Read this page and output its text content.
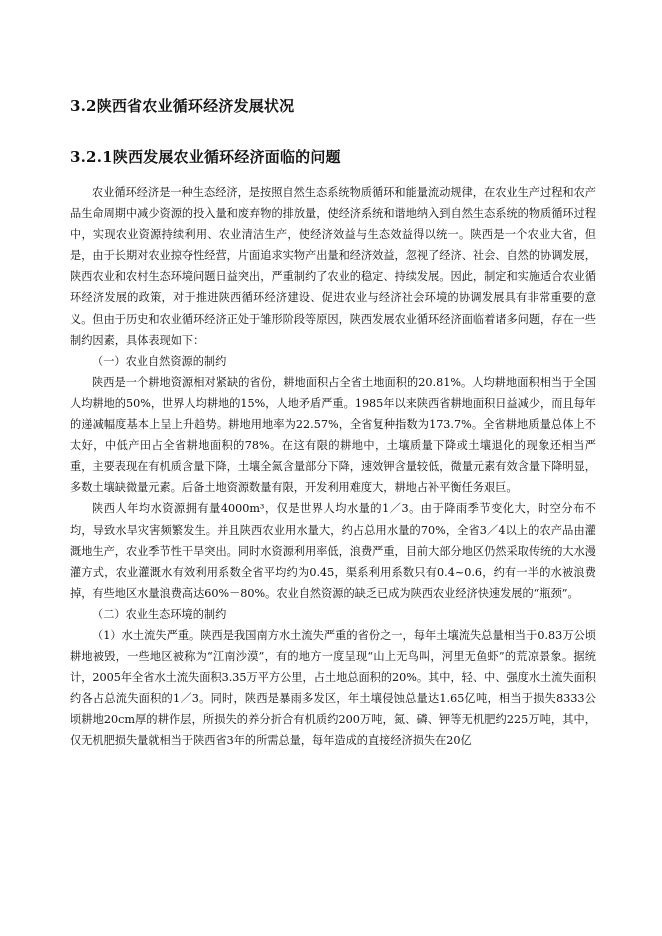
3.2陕西省农业循环经济发展状况
3.2.1陕西发展农业循环经济面临的问题

农业循环经济是一种生态经济，是按照自然生态系统物质循环和能量流动规律，在农业生产过程和农产品生命周期中减少资源的投入量和废弃物的排放量，使经济系统和谐地纳入到自然生态系统的物质循环过程中，实现农业资源持续利用、农业清洁生产，使经济效益与生态效益得以统一。陕西是一个农业大省，但是，由于长期对农业掠夺性经营，片面追求实物产出量和经济效益，忽视了经济、社会、自然的协调发展，陕西农业和农村生态环境问题日益突出，严重制约了农业的稳定、持续发展。因此，制定和实施适合农业循环经济发展的政策，对于推进陕西循环经济建设、促进农业与经济社会环境的协调发展具有非常重要的意义。但由于历史和农业循环经济正处于雏形阶段等原因，陕西发展农业循环经济面临着诸多问题，存在一些制约因素，具体表现如下：

（一）农业自然资源的制约

陕西是一个耕地资源相对紧缺的省份，耕地面积占全省土地面积的20.81%。人均耕地面积相当于全国人均耕地的50%，世界人均耕地的15%，人地矛盾严重。1985年以来陕西省耕地面积日益减少，而且每年的递减幅度基本上呈上升趋势。耕地用地率为22.57%，全省复种指数为173.7%。全省耕地质量总体上不太好，中低产田占全省耕地面积的78%。在这有限的耕地中，土壤质量下降或土壤退化的现象还相当严重，主要表现在有机质含量下降，土壤全氮含量部分下降，速效钾含量较低，微量元素有效含量下降明显，多数土壤缺微量元素。后备土地资源数量有限，开发利用难度大，耕地占补平衡任务艰巨。

陕西人年均水资源拥有量4000m³，仅是世界人均水量的1／3。由于降雨季节变化大，时空分布不均，导致水旱灾害频繁发生。并且陕西农业用水量大，约占总用水量的70%，全省3／4以上的农产品由灌溉地生产，农业季节性干旱突出。同时水资源利用率低，浪费严重，目前大部分地区仍然采取传统的大水漫灌方式，农业灌溉水有效利用系数全省平均约为0.45，渠系利用系数只有0.4~0.6，约有一半的水被浪费掉，有些地区水量浪费高达60%－80%。农业自然资源的缺乏已成为陕西农业经济快速发展的“瓶颈”。

（二）农业生态环境的制约

（1）水土流失严重。陕西是我国南方水土流失严重的省份之一，每年土壤流失总量相当于0.83万公顷耕地被毁，一些地区被称为“江南沙漠”，有的地方一度呈现“山上无鸟叫，河里无鱼虾”的荒凉景象。据统计，2005年全省水土流失面积3.35万平方公里，占土地总面积的20%。其中，轻、中、强度水土流失面积约各占总流失面积的1／3。同时，陕西是暴雨多发区，年土壤侵蚀总量达1.65亿吨，相当于损失8333公顷耕地20cm厚的耕作层，所损失的养分折合有机质约200万吨，氮、磷、钾等无机肥约225万吨，其中，仅无机肥损失量就相当于陕西省3年的所需总量，每年造成的直接经济损失在20亿
